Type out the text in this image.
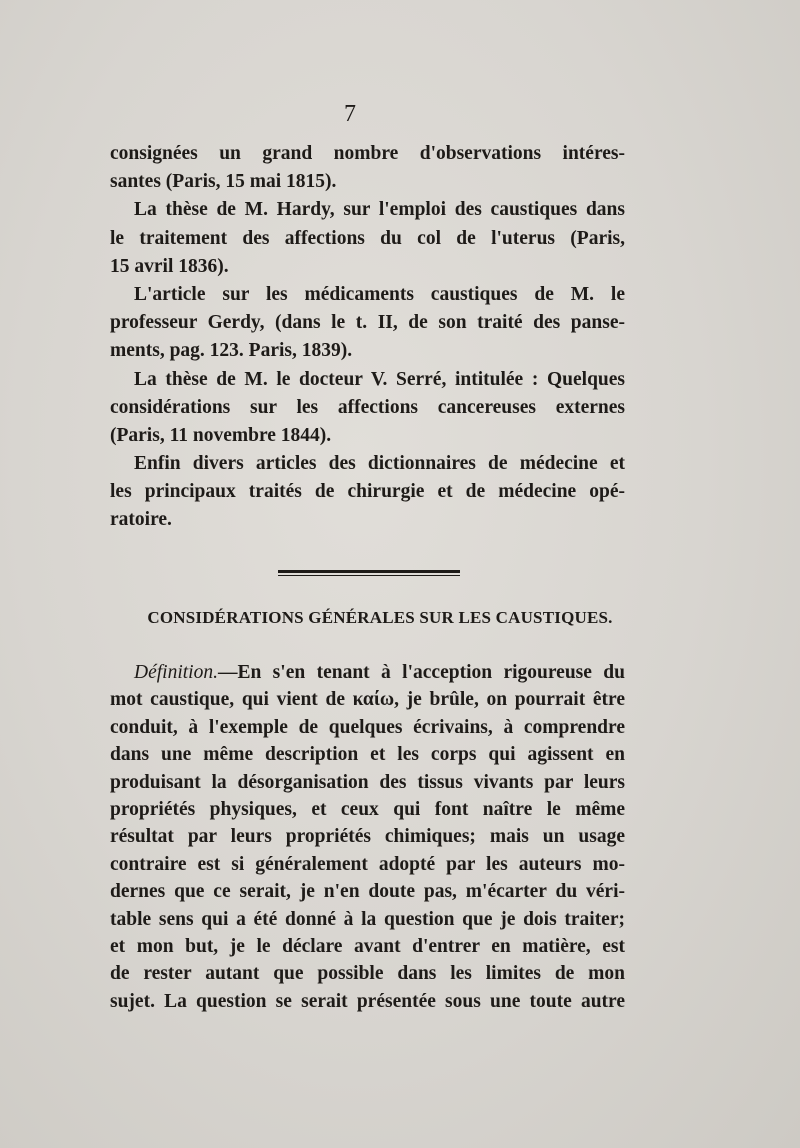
7
consignées un grand nombre d'observations intéres-
santes (Paris, 15 mai 1815).
La thèse de M. Hardy, sur l'emploi des caustiques dans
le traitement des affections du col de l'uterus (Paris,
15 avril 1836).
L'article sur les médicaments caustiques de M. le
professeur Gerdy, (dans le t. II, de son traité des panse-
ments, pag. 123. Paris, 1839).
La thèse de M. le docteur V. Serré, intitulée : Quelques
considérations sur les affections cancereuses externes
(Paris, 11 novembre 1844).
Enfin divers articles des dictionnaires de médecine et
les principaux traités de chirurgie et de médecine opé-
ratoire.
CONSIDÉRATIONS GÉNÉRALES SUR LES CAUSTIQUES.
Définition.—En s'en tenant à l'acception rigoureuse du
mot caustique, qui vient de καίω, je brûle, on pourrait être
conduit, à l'exemple de quelques écrivains, à comprendre
dans une même description et les corps qui agissent en
produisant la désorganisation des tissus vivants par leurs
propriétés physiques, et ceux qui font naître le même
résultat par leurs propriétés chimiques; mais un usage
contraire est si généralement adopté par les auteurs mo-
dernes que ce serait, je n'en doute pas, m'écarter du véri-
table sens qui a été donné à la question que je dois traiter;
et mon but, je le déclare avant d'entrer en matière, est
de rester autant que possible dans les limites de mon
sujet. La question se serait présentée sous une toute autre
